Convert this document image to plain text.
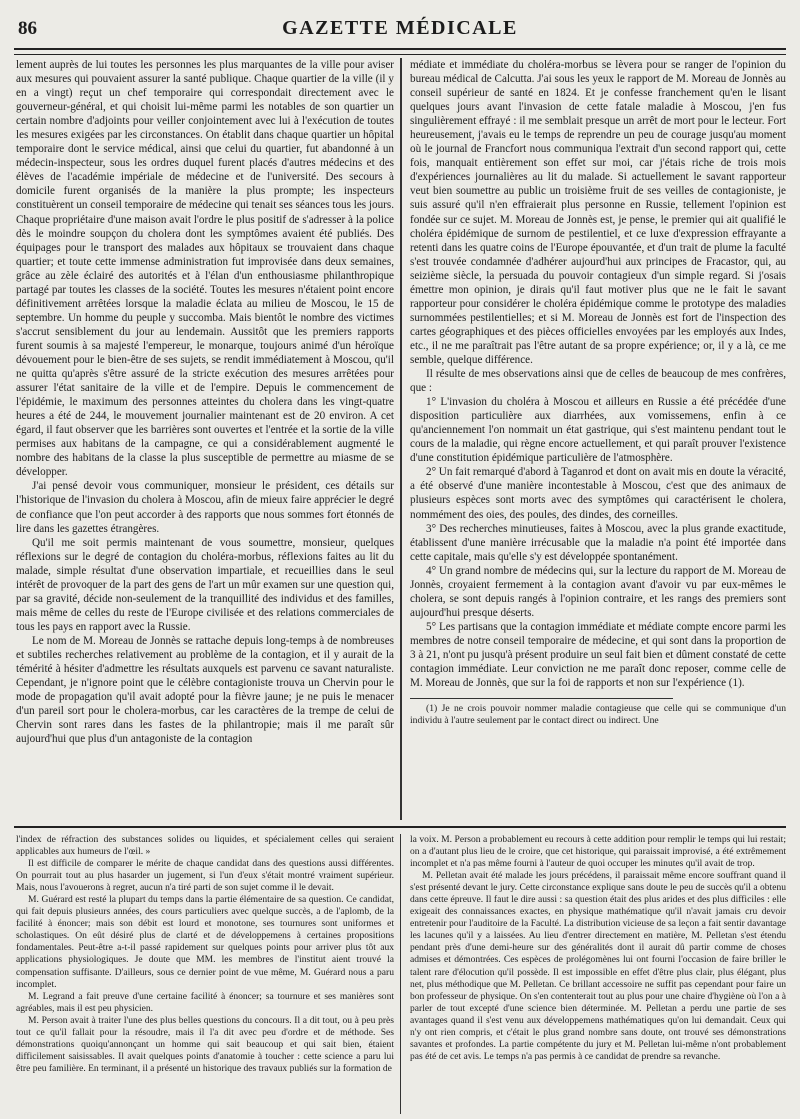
86	GAZETTE MÉDICALE

lement auprès de lui toutes les personnes les plus marquantes de la ville pour aviser aux mesures qui pouvaient assurer la santé publique. Chaque quartier de la ville (il y en a vingt) reçut un chef temporaire qui correspondait directement avec le gouverneur-général, et qui choisit lui-même parmi les notables de son quartier un certain nombre d'adjoints pour veiller conjointement avec lui à l'exécution de toutes les mesures exigées par les circonstances. On établit dans chaque quartier un hôpital temporaire dont le service médical, ainsi que celui du quartier, fut abandonné à un médecin-inspecteur, sous les ordres duquel furent placés d'autres médecins et des élèves de l'académie impériale de médecine et de l'université. Des secours à domicile furent organisés de la manière la plus prompte; les inspecteurs constituèrent un conseil temporaire de médecine qui tenait ses séances tous les jours. Chaque propriétaire d'une maison avait l'ordre le plus positif de s'adresser à la police dès le moindre soupçon du cholera dont les symptômes avaient été publiés. Des équipages pour le transport des malades aux hôpitaux se trouvaient dans chaque quartier; et toute cette immense administration fut improvisée dans deux semaines, grâce au zèle éclairé des autorités et à l'élan d'un enthousiasme philanthropique partagé par toutes les classes de la société. Toutes les mesures n'étaient point encore définitivement arrêtées lorsque la maladie éclata au milieu de Moscou, le 15 de septembre. Un homme du peuple y succomba. Mais bientôt le nombre des victimes s'accrut sensiblement du jour au lendemain. Aussitôt que les premiers rapports furent soumis à sa majesté l'empereur, le monarque, toujours animé d'un héroïque dévouement pour le bien-être de ses sujets, se rendit immédiatement à Moscou, qu'il ne quitta qu'après s'être assuré de la stricte exécution des mesures arrêtées pour assurer l'état sanitaire de la ville et de l'empire. Depuis le commencement de l'épidémie, le maximum des personnes atteintes du cholera dans les vingt-quatre heures a été de 244, le mouvement journalier maintenant est de 20 environ. A cet égard, il faut observer que les barrières sont ouvertes et l'entrée et la sortie de la ville permises aux habitans de la campagne, ce qui a considérablement augmenté le nombre des habitans de la classe la plus susceptible de permettre au miasme de se développer.

J'ai pensé devoir vous communiquer, monsieur le président, ces détails sur l'historique de l'invasion du cholera à Moscou, afin de mieux faire apprécier le degré de confiance que l'on peut accorder à des rapports que nous sommes fort étonnés de lire dans les gazettes étrangères.

Qu'il me soit permis maintenant de vous soumettre, monsieur, quelques réflexions sur le degré de contagion du choléra-morbus, réflexions faites au lit du malade, simple résultat d'une observation impartiale, et recueillies dans le seul intérêt de provoquer de la part des gens de l'art un mûr examen sur une question qui, par sa gravité, décide non-seulement de la tranquillité des individus et des familles, mais même de celles du reste de l'Europe civilisée et des relations commerciales de tous les pays en rapport avec la Russie.

Le nom de M. Moreau de Jonnès se rattache depuis long-temps à de nombreuses et subtiles recherches relativement au problème de la contagion, et il y aurait de la témérité à hésiter d'admettre les résultats auxquels est parvenu ce savant naturaliste. Cependant, je n'ignore point que le célèbre contagioniste trouva un Chervin pour le mode de propagation qu'il avait adopté pour la fièvre jaune; je ne puis le menacer d'un pareil sort pour le cholera-morbus, car les caractères de la trempe de celui de Chervin sont rares dans les fastes de la philantropie; mais il me paraît sûr aujourd'hui que plus d'un antagoniste de la contagion

médiate et immédiate du choléra-morbus se lèvera pour se ranger de l'opinion du bureau médical de Calcutta. J'ai sous les yeux le rapport de M. Moreau de Jonnès au conseil supérieur de santé en 1824. Et je confesse franchement qu'en le lisant quelques jours avant l'invasion de cette fatale maladie à Moscou, j'en fus singulièrement effrayé : il me semblait presque un arrêt de mort pour le lecteur. Fort heureusement, j'avais eu le temps de reprendre un peu de courage jusqu'au moment où le journal de Francfort nous communiqua l'extrait d'un second rapport qui, cette fois, manquait entièrement son effet sur moi, car j'étais riche de trois mois d'expériences journalières au lit du malade. Si actuellement le savant rapporteur veut bien soumettre au public un troisième fruit de ses veilles de contagioniste, je suis assuré qu'il n'en effraierait plus personne en Russie, tellement l'opinion est fondée sur ce sujet. M. Moreau de Jonnès est, je pense, le premier qui ait qualifié le choléra épidémique de surnom de pestilentiel, et ce luxe d'expression effrayante a retenti dans les quatre coins de l'Europe épouvantée, et d'un trait de plume la faculté s'est trouvée condamnée d'adhérer aujourd'hui aux principes de Fracastor, qui, au seizième siècle, la persuada du pouvoir contagieux d'un simple regard. Si j'osais émettre mon opinion, je dirais qu'il faut motiver plus que ne le fait le savant rapporteur pour considérer le choléra épidémique comme le prototype des maladies surnommées pestilentielles; et si M. Moreau de Jonnès est fort de l'inspection des cartes géographiques et des pièces officielles envoyées par les employés aux Indes, etc., il ne me paraîtrait pas l'être autant de sa propre expérience; or, il y a là, ce me semble, quelque différence.

Il résulte de mes observations ainsi que de celles de beaucoup de mes confrères, que :

1° L'invasion du choléra à Moscou et ailleurs en Russie a été précédée d'une disposition particulière aux diarrhées, aux vomissemens, enfin à ce qu'anciennement l'on nommait un état gastrique, qui s'est maintenu pendant tout le cours de la maladie, qui règne encore actuellement, et qui paraît prouver l'existence d'une constitution épidémique particulière de l'atmosphère.

2° Un fait remarqué d'abord à Taganrod et dont on avait mis en doute la véracité, a été observé d'une manière incontestable à Moscou, c'est que des animaux de plusieurs espèces sont morts avec des symptômes qui caractérisent le cholera, nommément des oies, des poules, des dindes, des corneilles.

3° Des recherches minutieuses, faites à Moscou, avec la plus grande exactitude, établissent d'une manière irrécusable que la maladie n'a point été importée dans cette capitale, mais qu'elle s'y est développée spontanément.

4° Un grand nombre de médecins qui, sur la lecture du rapport de M. Moreau de Jonnès, croyaient fermement à la contagion avant d'avoir vu par eux-mêmes le cholera, se sont depuis rangés à l'opinion contraire, et les rangs des premiers sont aujourd'hui presque déserts.

5° Les partisans que la contagion immédiate et médiate compte encore parmi les membres de notre conseil temporaire de médecine, et qui sont dans la proportion de 3 à 21, n'ont pu jusqu'à présent produire un seul fait bien et dûment constaté de cette contagion immédiate. Leur conviction ne me paraît donc reposer, comme celle de M. Moreau de Jonnès, que sur la foi de rapports et non sur l'expérience (1).

(1) Je ne crois pouvoir nommer maladie contagieuse que celle qui se communique d'un individu à l'autre seulement par le contact direct ou indirect. Une

l'index de réfraction des substances solides ou liquides, et spécialement celles qui seraient applicables aux humeurs de l'œil. »

Il est difficile de comparer le mérite de chaque candidat dans des questions aussi différentes. On pourrait tout au plus hasarder un jugement, si l'un d'eux s'était montré vraiment supérieur. Mais, nous l'avouerons à regret, aucun n'a tiré parti de son sujet comme il le devait.

M. Guérard est resté la plupart du temps dans la partie élémentaire de sa question. Ce candidat, qui fait depuis plusieurs années, des cours particuliers avec quelque succès, a de l'aplomb, de la facilité à énoncer; mais son débit est lourd et monotone, ses tournures sont uniformes et scholastiques. On eût désiré plus de clarté et de développemens à certaines propositions fondamentales. Peut-être a-t-il passé rapidement sur quelques points pour arriver plus tôt aux applications physiologiques. Je doute que MM. les membres de l'institut aient trouvé la compensation suffisante. D'ailleurs, sous ce dernier point de vue même, M. Guérard nous a paru incomplet.

M. Legrand a fait preuve d'une certaine facilité à énoncer; sa tournure et ses manières sont agréables, mais il est peu physicien.

M. Person avait à traiter l'une des plus belles questions du concours. Il a dit tout, ou à peu près tout ce qu'il fallait pour la résoudre, mais il l'a dit avec peu d'ordre et de méthode. Ses démonstrations quoiqu'annonçant un homme qui sait beaucoup et qui sait bien, étaient difficilement saisissables. Il avait quelques points d'anatomie à toucher : cette science a paru lui être peu familière. En terminant, il a présenté un historique des travaux publiés sur la formation de

la voix. M. Person a probablement eu recours à cette addition pour remplir le temps qui lui restait; on a d'autant plus lieu de le croire, que cet historique, qui paraissait improvisé, a été extrêmement incomplet et n'a pas même fourni à l'auteur de quoi occuper les minutes qu'il avait de trop.

M. Pelletan avait été malade les jours précédens, il paraissait même encore souffrant quand il s'est présenté devant le jury. Cette circonstance explique sans doute le peu de succès qu'il a obtenu dans cette épreuve. Il faut le dire aussi : sa question était des plus arides et des plus difficiles : elle exigeait des connaissances exactes, en physique mathématique qu'il n'avait jamais cru devoir entretenir pour l'auditoire de la Faculté. La distribution vicieuse de sa leçon a fait sentir davantage les lacunes qu'il y a laissées. Au lieu d'entrer directement en matière, M. Pelletan s'est étendu pendant près d'une demi-heure sur des généralités dont il aurait dû partir comme de choses admises et démontrées. Ces espèces de prolégomènes lui ont fourni l'occasion de faire briller le talent rare d'élocution qu'il possède. Il est impossible en effet d'être plus clair, plus élégant, plus net, plus méthodique que M. Pelletan. Ce brillant accessoire ne suffit pas cependant pour faire un bon professeur de physique. On s'en contenterait tout au plus pour une chaire d'hygiène où l'on a à parler de tout excepté d'une science bien déterminée. M. Pelletan a perdu une partie de ses avantages quand il s'est venu aux développemens mathématiques qu'on lui demandait. Ceux qui n'y ont rien compris, et c'était le plus grand nombre sans doute, ont trouvé ses démonstrations savantes et profondes. La partie compétente du jury et M. Pelletan lui-même n'ont probablement pas été de cet avis. Le temps n'a pas permis à ce candidat de prendre sa revanche.
